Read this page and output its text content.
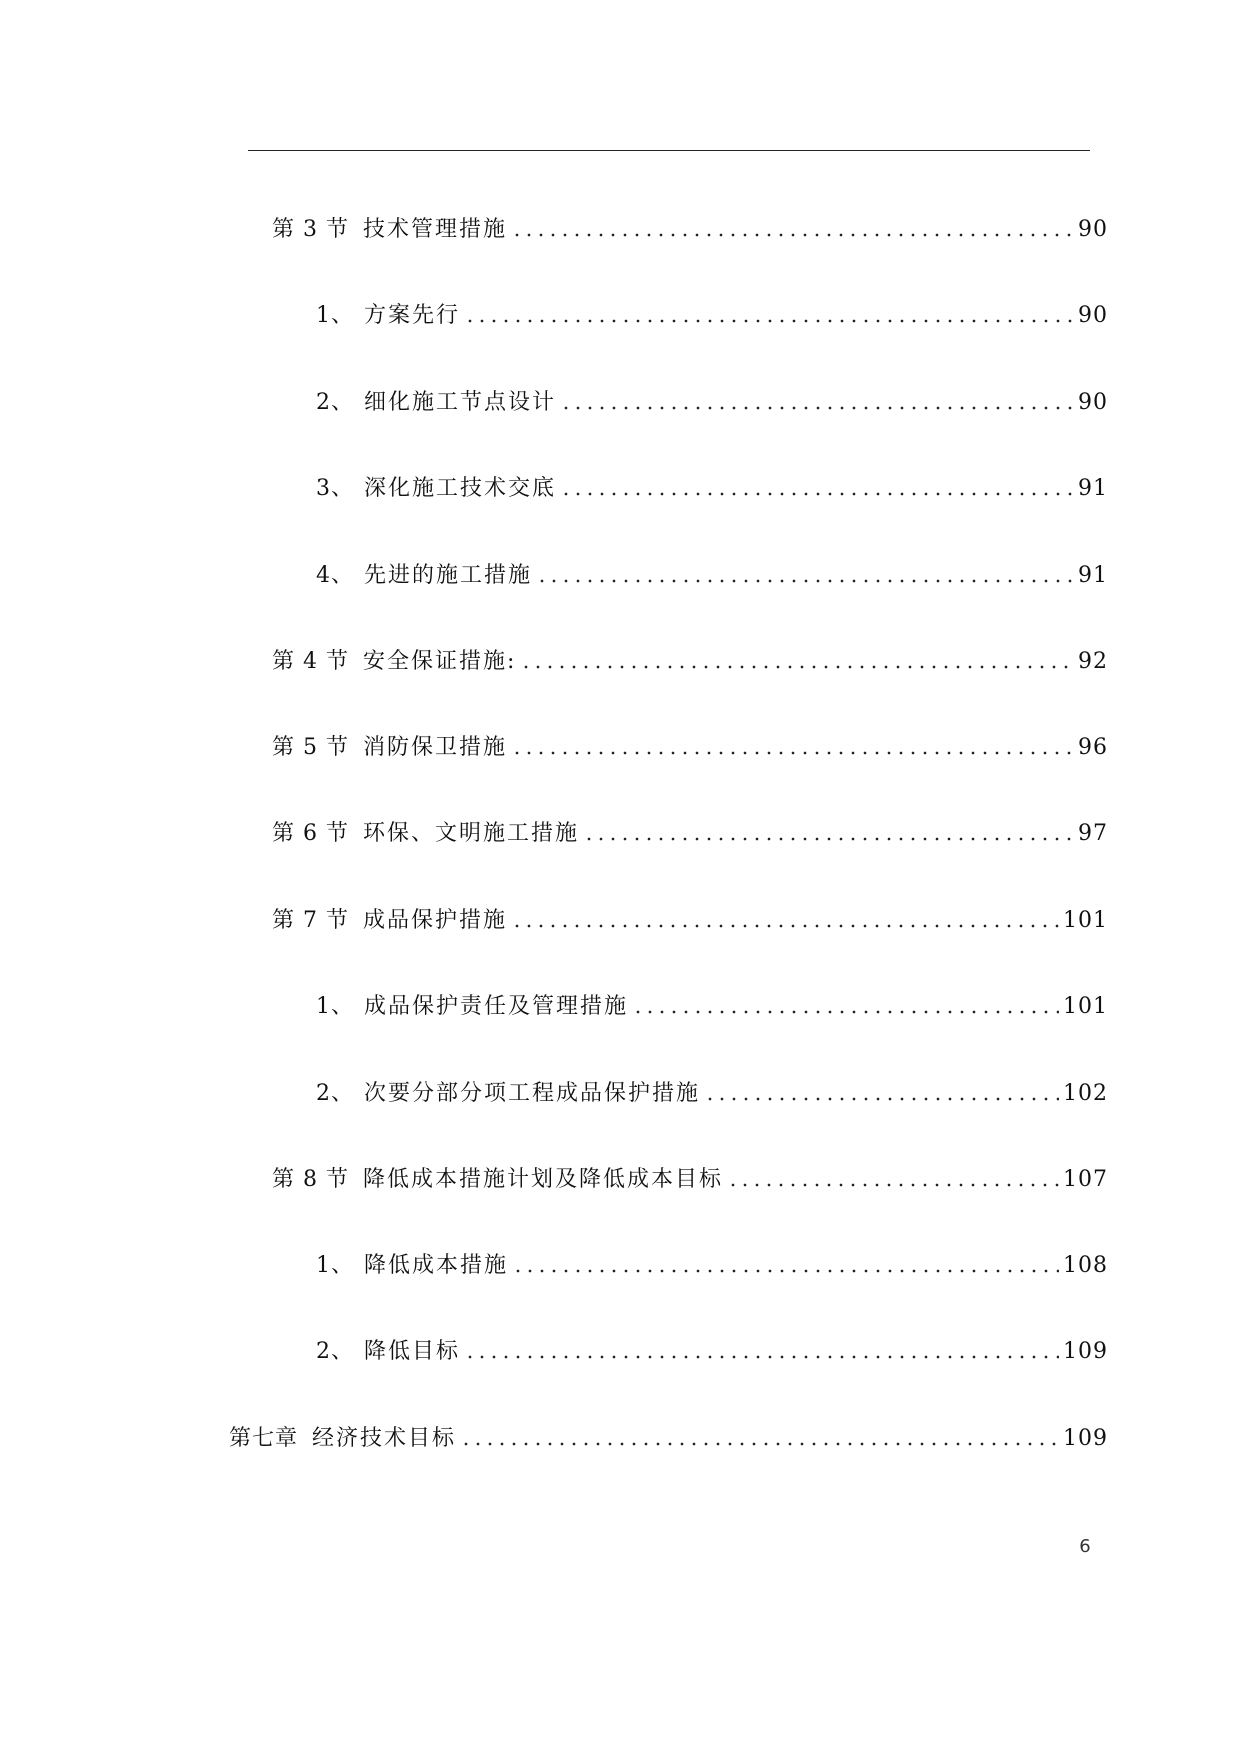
第 3 节 技术管理措施	90
1、 方案先行	90
2、 细化施工节点设计	90
3、 深化施工技术交底	91
4、 先进的施工措施	91
第 4 节 安全保证措施:	92
第 5 节 消防保卫措施	96
第 6 节 环保、文明施工措施	97
第 7 节 成品保护措施	101
1、 成品保护责任及管理措施	101
2、 次要分部分项工程成品保护措施	102
第 8 节 降低成本措施计划及降低成本目标	107
1、 降低成本措施	108
2、 降低目标	109
第七章 经济技术目标	109
6
